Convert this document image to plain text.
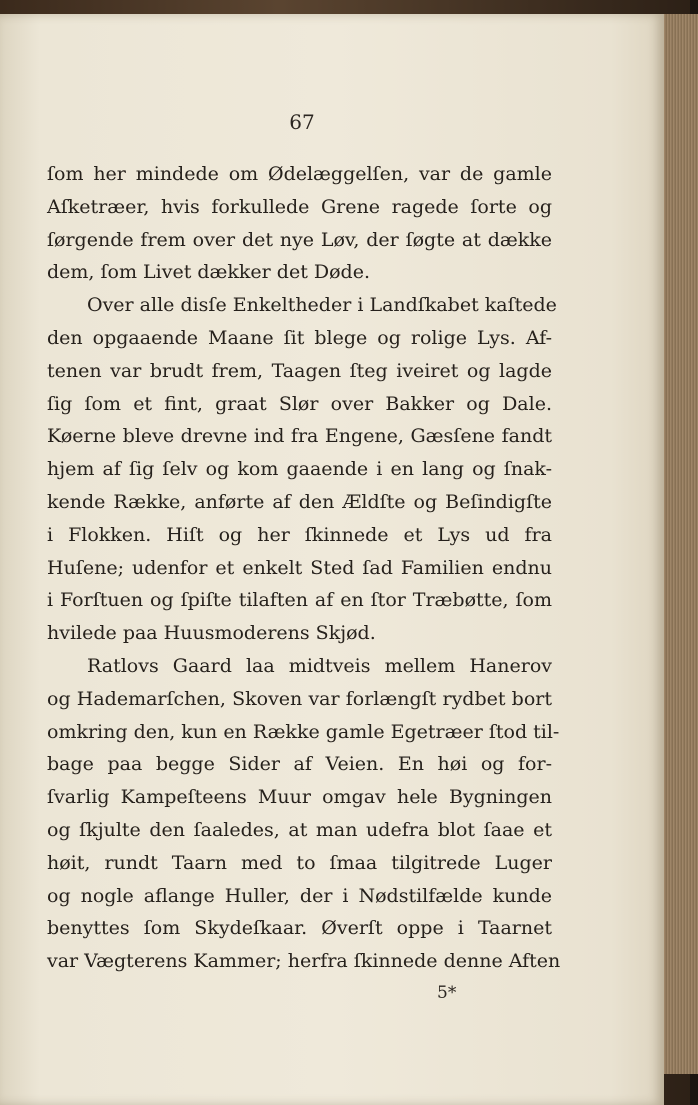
67
ſom her mindede om Ødelæggelſen, var de gamle
Aſketræer, hvis forkullede Grene ragede ſorte og
ſørgende frem over det nye Løv, der ſøgte at dække
dem, ſom Livet dækker det Døde.
Over alle disſe Enkeltheder i Landſkabet kaſtede
den opgaaende Maane ſit blege og rolige Lys. Af-
tenen var brudt frem, Taagen ſteg iveiret og lagde
ſig ſom et fint, graat Slør over Bakker og Dale.
Køerne bleve drevne ind fra Engene, Gæsſene fandt
hjem af ſig ſelv og kom gaaende i en lang og ſnak-
kende Række, anførte af den Ældſte og Beſindigſte
i Flokken. Hiſt og her ſkinnede et Lys ud fra
Huſene; udenfor et enkelt Sted ſad Familien endnu
i Forſtuen og ſpiſte tilaften af en ſtor Træbøtte, ſom
hvilede paa Huusmoderens Skjød.
Ratlovs Gaard laa midtveis mellem Hanerov
og Hademarſchen, Skoven var forlængſt rydbet bort
omkring den, kun en Række gamle Egetræer ſtod til-
bage paa begge Sider af Veien. En høi og for-
ſvarlig Kampeſteens Muur omgav hele Bygningen
og ſkjulte den ſaaledes, at man udefra blot ſaae et
høit, rundt Taarn med to ſmaa tilgitrede Luger
og nogle aflange Huller, der i Nødstilfælde kunde
benyttes ſom Skydeſkaar. Øverſt oppe i Taarnet
var Vægterens Kammer; herfra ſkinnede denne Aften
5*
